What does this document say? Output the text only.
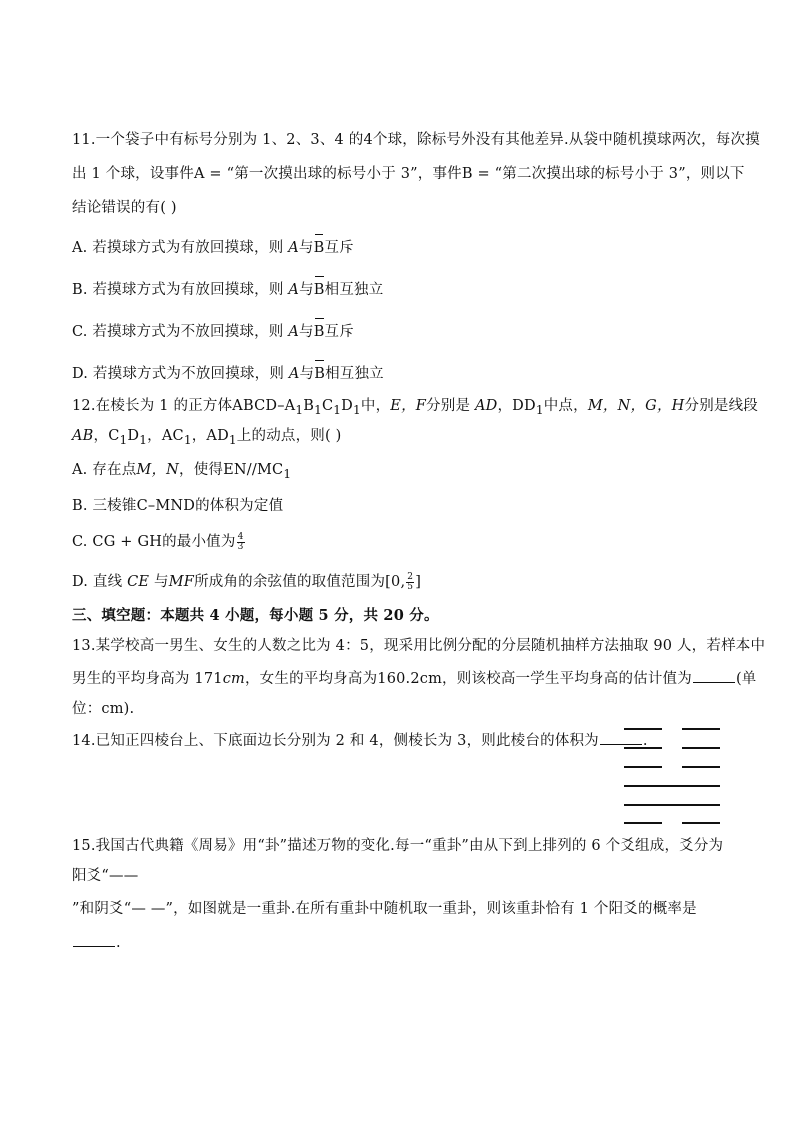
11.一个袋子中有标号分别为 1、2、3、4 的4个球，除标号外没有其他差异.从袋中随机摸球两次，每次摸
出 1 个球，设事件A = “第一次摸出球的标号小于 3”，事件B = “第二次摸出球的标号小于 3”，则以下
结论错误的有( )
A. 若摸球方式为有放回摸球，则 A与B互斥
B. 若摸球方式为有放回摸球，则 A与B相互独立
C. 若摸球方式为不放回摸球，则 A与B互斥
D. 若摸球方式为不放回摸球，则 A与B相互独立
12.在棱长为 1 的正方体ABCD–$A_1B_1C_1D_1$中，E，F分别是 AD，$DD_1$中点，M，N，G，H分别是线段
AB，$C_1D_1$，$AC_1$，$AD_1$上的动点，则( )
A. 存在点M，N，使得$EN//MC_1$
B. 三棱锥C–MND的体积为定值
C. CG + GH的最小值为 $\frac{4}{3}$
D. 直线 CE 与MF所成角的余弦值的取值范围为[0, $\frac{2}{5}$ ]
三、填空题：本题共 4 小题，每小题 5 分，共 20 分。
13.某学校高一男生、女生的人数之比为 4：5，现采用比例分配的分层随机抽样方法抽取 90 人，若样本中
男生的平均身高为 171cm，女生的平均身高为160.2cm，则该校高一学生平均身高的估计值为	(单
位：cm).
14.已知正四棱台上、下底面边长分别为 2 和 4，侧棱长为 3，则此棱台的体积为	.
15.我国古代典籍《周易》用“卦”描述万物的变化.每一“重卦”由从下到上排列的 6 个爻组成，爻分为
阳爻“——
”和阴爻“— —”，如图就是一重卦.在所有重卦中随机取一重卦，则该重卦恰有 1 个阳爻的概率是
.
